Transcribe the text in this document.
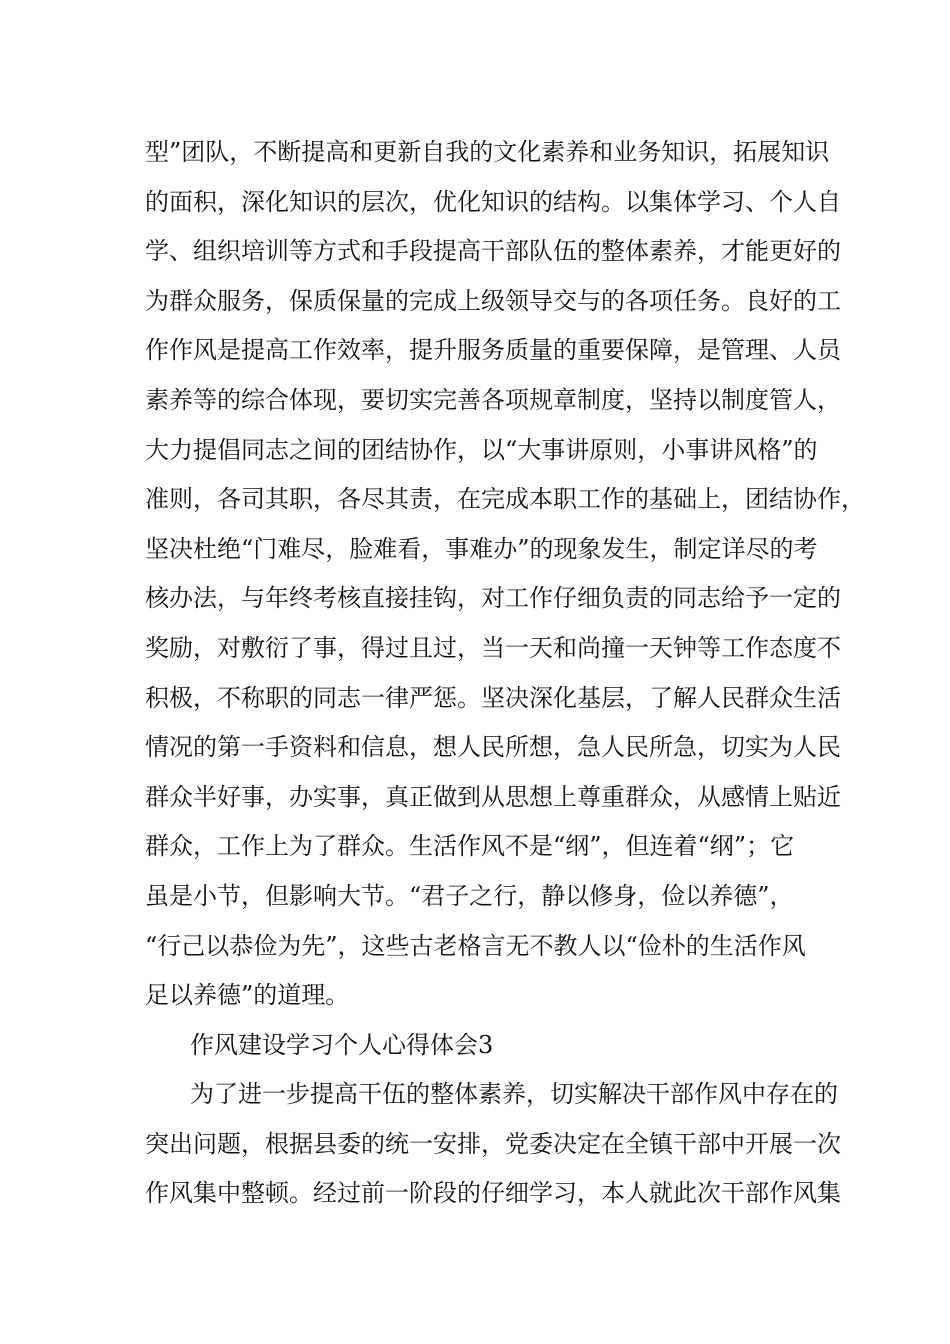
型”团队，不断提高和更新自我的文化素养和业务知识，拓展知识
的面积，深化知识的层次，优化知识的结构。以集体学习、个人自
学、组织培训等方式和手段提高干部队伍的整体素养，才能更好的
为群众服务，保质保量的完成上级领导交与的各项任务。良好的工
作作风是提高工作效率，提升服务质量的重要保障，是管理、人员
素养等的综合体现，要切实完善各项规章制度，坚持以制度管人，
大力提倡同志之间的团结协作，以“大事讲原则，小事讲风格”的
准则，各司其职，各尽其责，在完成本职工作的基础上，团结协作，
坚决杜绝“门难尽，脸难看，事难办”的现象发生，制定详尽的考
核办法，与年终考核直接挂钩，对工作仔细负责的同志给予一定的
奖励，对敷衍了事，得过且过，当一天和尚撞一天钟等工作态度不
积极，不称职的同志一律严惩。坚决深化基层，了解人民群众生活
情况的第一手资料和信息，想人民所想，急人民所急，切实为人民
群众半好事，办实事，真正做到从思想上尊重群众，从感情上贴近
群众，工作上为了群众。生活作风不是“纲”，但连着“纲”；它
虽是小节，但影响大节。“君子之行，静以修身，俭以养德”，
“行己以恭俭为先”，这些古老格言无不教人以“俭朴的生活作风
足以养德”的道理。
作风建设学习个人心得体会3
为了进一步提高干伍的整体素养，切实解决干部作风中存在的
突出问题，根据县委的统一安排，党委决定在全镇干部中开展一次
作风集中整顿。经过前一阶段的仔细学习，本人就此次干部作风集
